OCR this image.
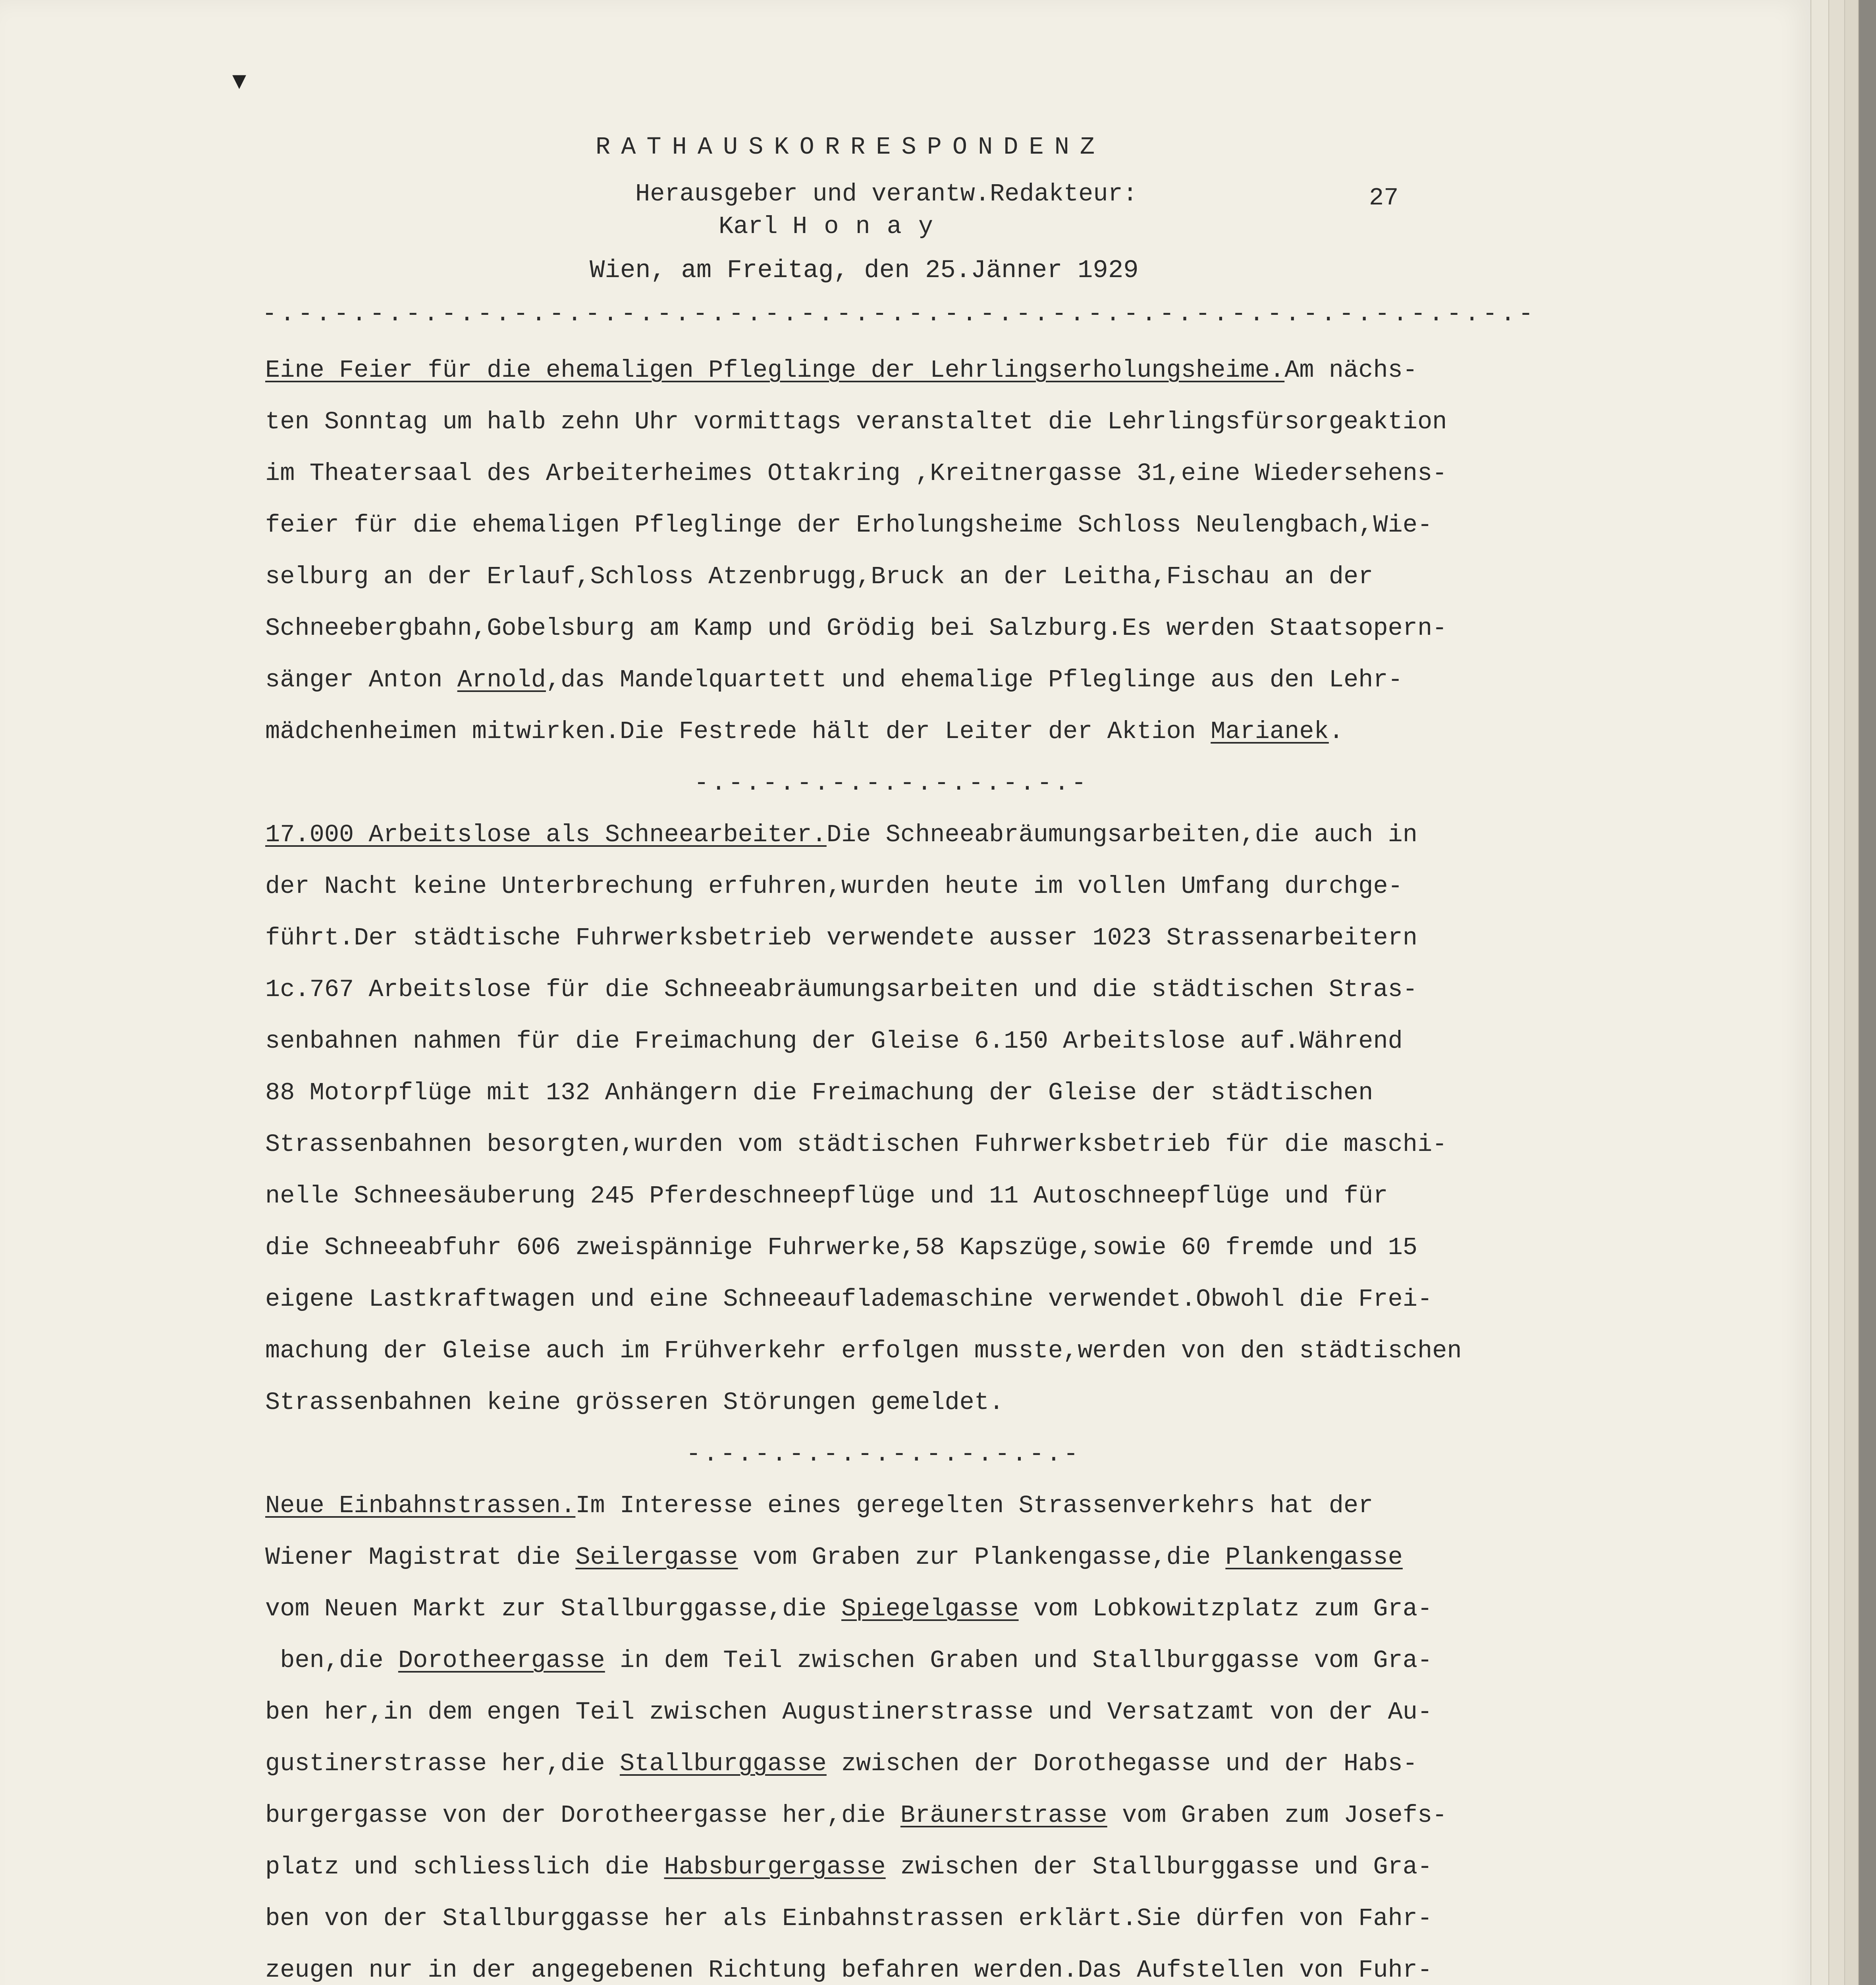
▾
RATHAUSKORRESPONDENZ
Herausgeber und verantw.Redakteur:
Karl Honay
27
Wien, am Freitag, den 25.Jänner 1929
-.-.-.-.-.-.-.-.-.-.-.-.-.-.-.-.-.-.-.-.-.-.-.-.-.-.-.-.-.-.-.-.-.-.-.-

Eine Feier für die ehemaligen Pfleglinge der Lehrlingserholungsheime.Am nächs-

ten Sonntag um halb zehn Uhr vormittags veranstaltet die Lehrlingsfürsorgeaktion

im Theatersaal des Arbeiterheimes Ottakring ,Kreitnergasse 31,eine Wiedersehens-

feier für die ehemaligen Pfleglinge der Erholungsheime Schloss Neulengbach,Wie-

selburg an der Erlauf,Schloss Atzenbrugg,Bruck an der Leitha,Fischau an der

Schneebergbahn,Gobelsburg am Kamp und Grödig bei Salzburg.Es werden Staatsopern-

sänger Anton Arnold,das Mandelquartett und ehemalige Pfleglinge aus den Lehr-

mädchenheimen mitwirken.Die Festrede hält der Leiter der Aktion Marianek.

-.-.-.-.-.-.-.-.-.-.-.-

17.000 Arbeitslose als Schneearbeiter.Die Schneeabräumungsarbeiten,die auch in

der Nacht keine Unterbrechung erfuhren,wurden heute im vollen Umfang durchge-

führt.Der städtische Fuhrwerksbetrieb verwendete ausser 1023 Strassenarbeitern

1c.767 Arbeitslose für die Schneeabräumungsarbeiten und die städtischen Stras-

senbahnen nahmen für die Freimachung der Gleise 6.150 Arbeitslose auf.Während

88 Motorpflüge mit 132 Anhängern die Freimachung der Gleise der städtischen

Strassenbahnen besorgten,wurden vom städtischen Fuhrwerksbetrieb für die maschi-

nelle Schneesäuberung 245 Pferdeschneepflüge und 11 Autoschneepflüge und für

die Schneeabfuhr 606 zweispännige Fuhrwerke,58 Kapszüge,sowie 60 fremde und 15

eigene Lastkraftwagen und eine Schneeauflademaschine verwendet.Obwohl die Frei-

machung der Gleise auch im Frühverkehr erfolgen musste,werden von den städtischen

Strassenbahnen keine grösseren Störungen gemeldet.

-.-.-.-.-.-.-.-.-.-.-.-

Neue Einbahnstrassen.Im Interesse eines geregelten Strassenverkehrs hat der

Wiener Magistrat die Seilergasse vom Graben zur Plankengasse,die Plankengasse

vom Neuen Markt zur Stallburggasse,die Spiegelgasse vom Lobkowitzplatz zum Gra-

ben,die Dorotheergasse in dem Teil zwischen Graben und Stallburggasse vom Gra-

ben her,in dem engen Teil zwischen Augustinerstrasse und Versatzamt von der Au-

gustinerstrasse her,die Stallburggasse zwischen der Dorothegasse und der Habs-

burgergasse von der Dorotheergasse her,die Bräunerstrasse vom Graben zum Josefs-

platz und schliesslich die Habsburgergasse zwischen der Stallburggasse und Gra-

ben von der Stallburggasse her als Einbahnstrassen erklärt.Sie dürfen von Fahr-

zeugen nur in der angegebenen Richtung befahren werden.Das Aufstellen von Fuhr-
